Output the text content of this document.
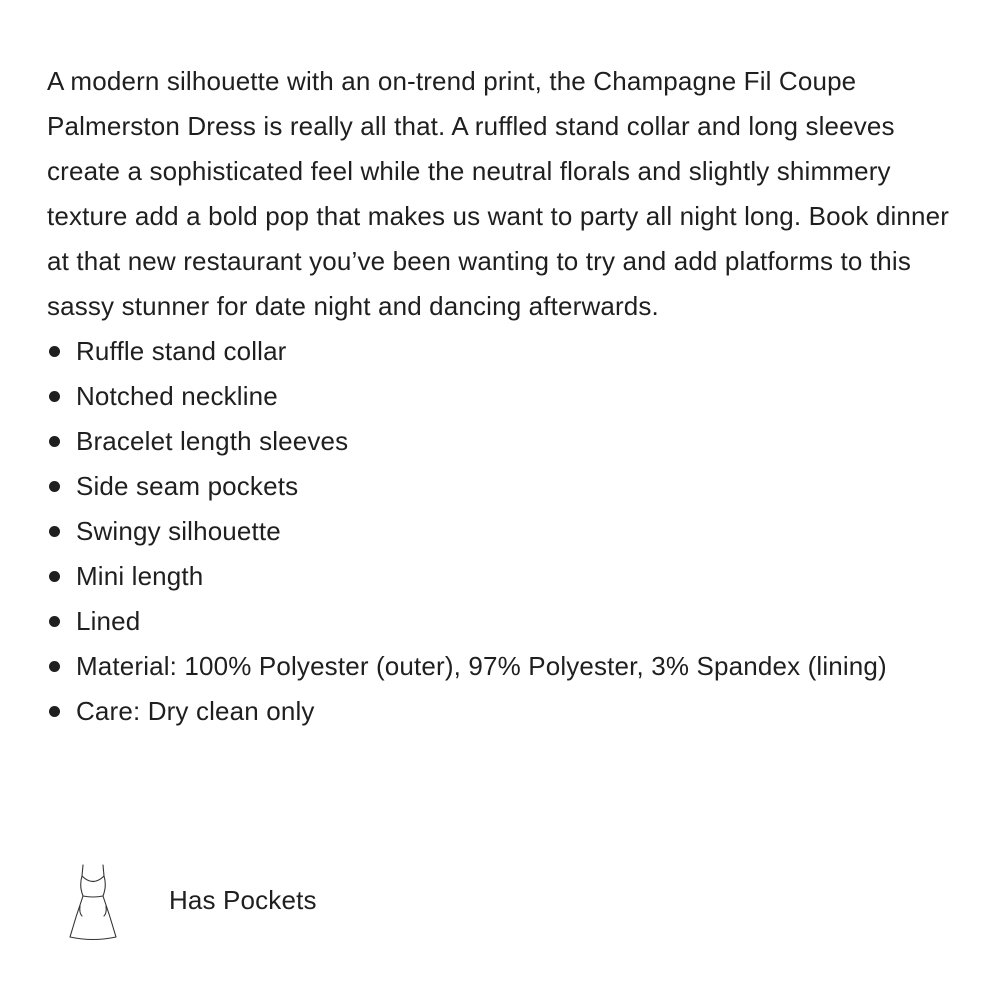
A modern silhouette with an on-trend print, the Champagne Fil Coupe Palmerston Dress is really all that. A ruffled stand collar and long sleeves create a sophisticated feel while the neutral florals and slightly shimmery texture add a bold pop that makes us want to party all night long. Book dinner at that new restaurant you’ve been wanting to try and add platforms to this sassy stunner for date night and dancing afterwards.

Ruffle stand collar
Notched neckline
Bracelet length sleeves
Side seam pockets
Swingy silhouette
Mini length
Lined
Material: 100% Polyester (outer), 97% Polyester, 3% Spandex (lining)
Care: Dry clean only
Has Pockets
